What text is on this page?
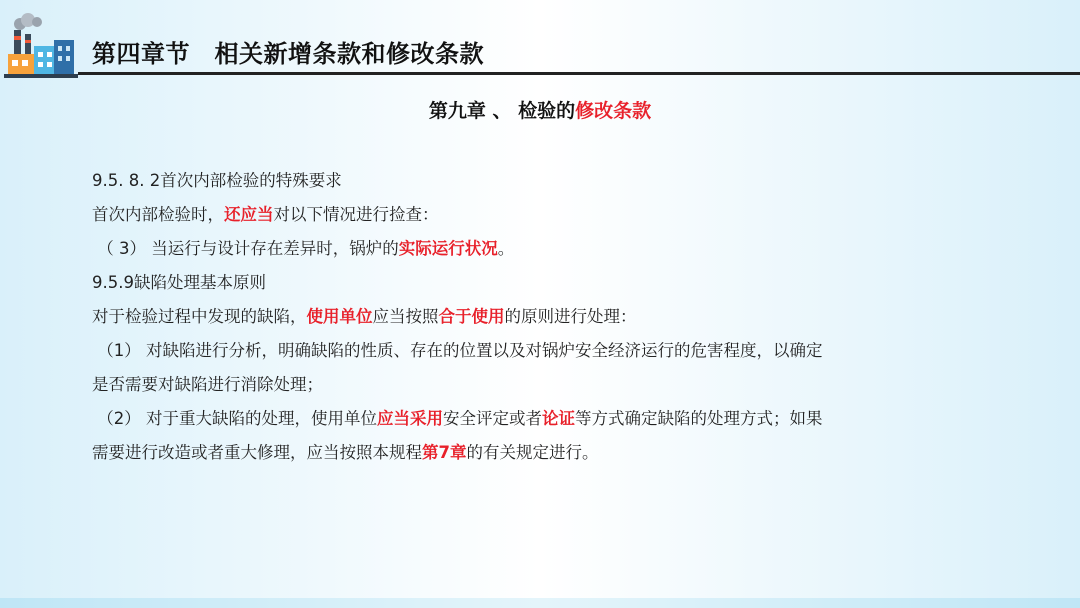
第四章节　相关新增条款和修改条款
第九章 、 检验的修改条款
9.5. 8. 2首次内部检验的特殊要求
首次内部检验时，还应当对以下情况进行捡查：
（ 3） 当运行与设计存在差异时，锅炉的实际运行状况。
9.5.9缺陷处理基本原则
对于检验过程中发现的缺陷，使用单位应当按照合于使用的原则进行处理：
（1） 对缺陷进行分析，明确缺陷的性质、存在的位置以及对锅炉安全经济运行的危害程度，以确定
是否需要对缺陷进行消除处理；
（2） 对于重大缺陷的处理，使用单位应当采用安全评定或者论证等方式确定缺陷的处理方式；如果
需要进行改造或者重大修理，应当按照本规程第7章的有关规定进行。
